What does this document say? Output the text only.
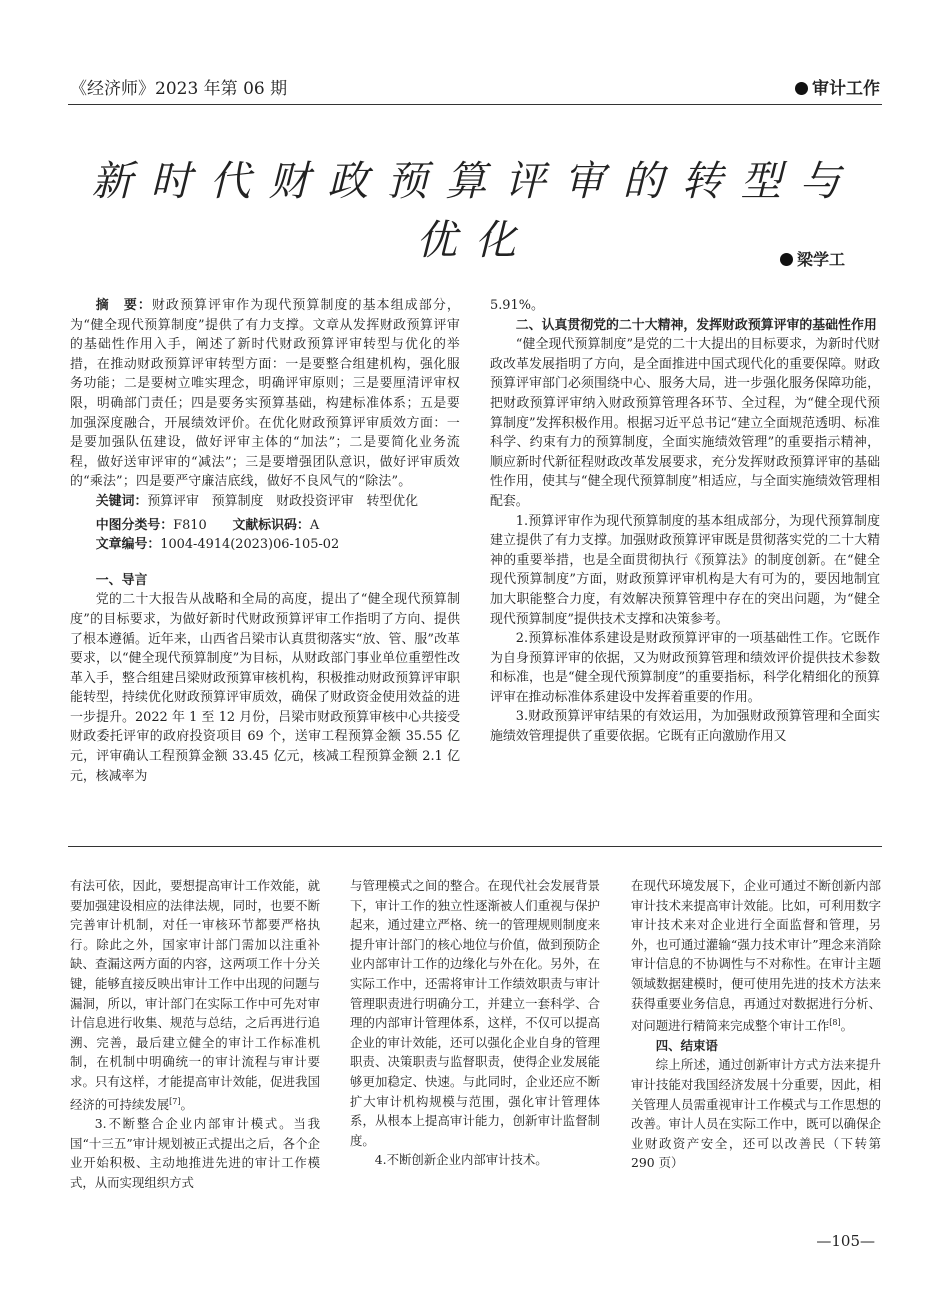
《经济师》2023 年第 06 期	审计工作
新时代财政预算评审的转型与优化	梁学工

摘　要：财政预算评审作为现代预算制度的基本组成部分，为“健全现代预算制度”提供了有力支撑。文章从发挥财政预算评审的基础性作用入手，阐述了新时代财政预算评审转型与优化的举措，在推动财政预算评审转型方面：一是要整合组建机构，强化服务功能；二是要树立唯实理念，明确评审原则；三是要厘清评审权限，明确部门责任；四是要务实预算基础，构建标准体系；五是要加强深度融合，开展绩效评价。在优化财政预算评审质效方面：一是要加强队伍建设，做好评审主体的“加法”；二是要简化业务流程，做好送审评审的“减法”；三是要增强团队意识，做好评审质效的“乘法”；四是要严守廉洁底线，做好不良风气的“除法”。

关键词：预算评审　预算制度　财政投资评审　转型优化

中图分类号：F810　　 文献标识码：A

文章编号：1004-4914(2023)06-105-02

一、导言

党的二十大报告从战略和全局的高度，提出了“健全现代预算制度”的目标要求，为做好新时代财政预算评审工作指明了方向、提供了根本遵循。近年来，山西省吕梁市认真贯彻落实“放、管、服”改革要求，以“健全现代预算制度”为目标，从财政部门事业单位重塑性改革入手，整合组建吕梁财政预算审核机构，积极推动财政预算评审职能转型，持续优化财政预算评审质效，确保了财政资金使用效益的进一步提升。2022 年 1 至 12 月份，吕梁市财政预算审核中心共接受财政委托评审的政府投资项目 69 个，送审工程预算金额 35.55 亿元，评审确认工程预算金额 33.45 亿元，核减工程预算金额 2.1 亿元，核减率为

5.91%。

二、认真贯彻党的二十大精神，发挥财政预算评审的基础性作用

“健全现代预算制度”是党的二十大提出的目标要求，为新时代财政改革发展指明了方向，是全面推进中国式现代化的重要保障。财政预算评审部门必须围绕中心、服务大局，进一步强化服务保障功能，把财政预算评审纳入财政预算管理各环节、全过程，为“健全现代预算制度”发挥积极作用。根据习近平总书记“建立全面规范透明、标准科学、约束有力的预算制度，全面实施绩效管理”的重要指示精神，顺应新时代新征程财政改革发展要求，充分发挥财政预算评审的基础性作用，使其与“健全现代预算制度”相适应，与全面实施绩效管理相配套。

1.预算评审作为现代预算制度的基本组成部分，为现代预算制度建立提供了有力支撑。加强财政预算评审既是贯彻落实党的二十大精神的重要举措，也是全面贯彻执行《预算法》的制度创新。在“健全现代预算制度”方面，财政预算评审机构是大有可为的，要因地制宜加大职能整合力度，有效解决预算管理中存在的突出问题，为“健全现代预算制度”提供技术支撑和决策参考。

2.预算标准体系建设是财政预算评审的一项基础性工作。它既作为自身预算评审的依据，又为财政预算管理和绩效评价提供技术参数和标准，也是“健全现代预算制度”的重要指标，科学化精细化的预算评审在推动标准体系建设中发挥着重要的作用。

3.财政预算评审结果的有效运用，为加强财政预算管理和全面实施绩效管理提供了重要依据。它既有正向激励作用又

有法可依，因此，要想提高审计工作效能，就要加强建设相应的法律法规，同时，也要不断完善审计机制，对任一审核环节都要严格执行。除此之外，国家审计部门需加以注重补缺、查漏这两方面的内容，这两项工作十分关键，能够直接反映出审计工作中出现的问题与漏洞，所以，审计部门在实际工作中可先对审计信息进行收集、规范与总结，之后再进行追溯、完善，最后建立健全的审计工作标准机制，在机制中明确统一的审计流程与审计要求。只有这样，才能提高审计效能，促进我国经济的可持续发展[7]。

3.不断整合企业内部审计模式。当我国“十三五”审计规划被正式提出之后，各个企业开始积极、主动地推进先进的审计工作模式，从而实现组织方式

与管理模式之间的整合。在现代社会发展背景下，审计工作的独立性逐渐被人们重视与保护起来，通过建立严格、统一的管理规则制度来提升审计部门的核心地位与价值，做到预防企业内部审计工作的边缘化与外在化。另外，在实际工作中，还需将审计工作绩效职责与审计管理职责进行明确分工，并建立一套科学、合理的内部审计管理体系，这样，不仅可以提高企业的审计效能，还可以强化企业自身的管理职责、决策职责与监督职责，使得企业发展能够更加稳定、快速。与此同时，企业还应不断扩大审计机构规模与范围，强化审计管理体系，从根本上提高审计能力，创新审计监督制度。

4.不断创新企业内部审计技术。

在现代环境发展下，企业可通过不断创新内部审计技术来提高审计效能。比如，可利用数字审计技术来对企业进行全面监督和管理，另外，也可通过灌输“强力技术审计”理念来消除审计信息的不协调性与不对称性。在审计主题领域数据建模时，便可使用先进的技术方法来获得重要业务信息，再通过对数据进行分析、对问题进行精简来完成整个审计工作[8]。

四、结束语

综上所述，通过创新审计方式方法来提升审计技能对我国经济发展十分重要，因此，相关管理人员需重视审计工作模式与工作思想的改善。审计人员在实际工作中，既可以确保企业财政资产安全，还可以改善民（下转第 290 页）

—105—
